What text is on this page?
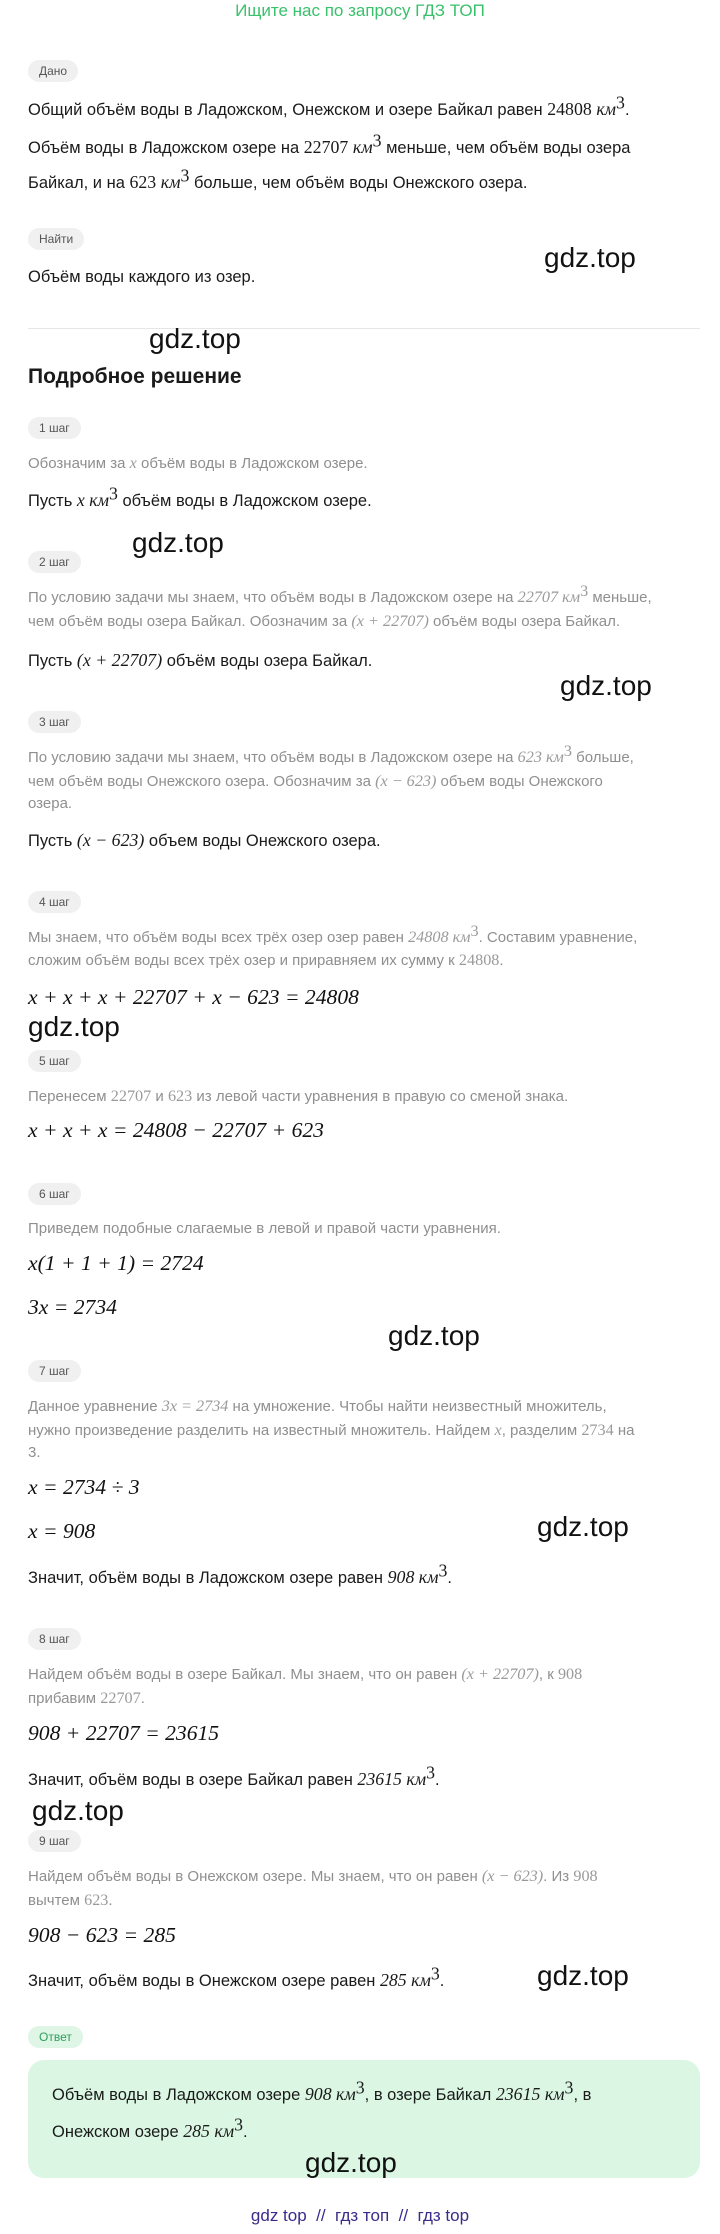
Ищите нас по запросу ГДЗ ТОП
Дано
Общий объём воды в Ладожском, Онежском и озере Байкал равен 24808 $км^3$.
Объём воды в Ладожском озере на 22707 $км^3$ меньше, чем объём воды озера
Байкал, и на 623 $км^3$ больше, чем объём воды Онежского озера.
Найти
Объём воды каждого из озер.
Подробное решение
1 шаг
Обозначим за x объём воды в Ладожском озере.
Пусть x $км^3$ объём воды в Ладожском озере.
2 шаг
По условию задачи мы знаем, что объём воды в Ладожском озере на 22707 $км^3$ меньше,
чем объём воды озера Байкал. Обозначим за (x + 22707) объём воды озера Байкал.
Пусть (x + 22707) объём воды озера Байкал.
3 шаг
По условию задачи мы знаем, что объём воды в Ладожском озере на 623 $км^3$ больше,
чем объём воды Онежского озера. Обозначим за (x − 623) объем воды Онежского
озера.
Пусть (x − 623) объем воды Онежского озера.
4 шаг
Мы знаем, что объём воды всех трёх озер озер равен 24808 $км^3$. Составим уравнение,
сложим объём воды всех трёх озер и приравняем их сумму к 24808.
x + x + x + 22707 + x − 623 = 24808
5 шаг
Перенесем 22707 и 623 из левой части уравнения в правую со сменой знака.
x + x + x = 24808 − 22707 + 623
6 шаг
Приведем подобные слагаемые в левой и правой части уравнения.
x(1 + 1 + 1) = 2724
3x = 2734
7 шаг
Данное уравнение 3x = 2734 на умножение. Чтобы найти неизвестный множитель,
нужно произведение разделить на известный множитель. Найдем x, разделим 2734 на
3.
x = 2734 ÷ 3
x = 908
Значит, объём воды в Ладожском озере равен 908 $км^3$.
8 шаг
Найдем объём воды в озере Байкал. Мы знаем, что он равен (x + 22707), к 908
прибавим 22707.
908 + 22707 = 23615
Значит, объём воды в озере Байкал равен 23615 $км^3$.
9 шаг
Найдем объём воды в Онежском озере. Мы знаем, что он равен (x − 623). Из 908
вычтем 623.
908 − 623 = 285
Значит, объём воды в Онежском озере равен 285 $км^3$.
Ответ
Объём воды в Ладожском озере 908 $км^3$, в озере Байкал 23615 $км^3$, в
Онежском озере 285 $км^3$.
gdz.top
gdz.top
gdz.top
gdz.top
gdz.top
gdz.top
gdz.top
gdz.top
gdz.top
gdz.top
gdz top // гдз топ // гдз top
